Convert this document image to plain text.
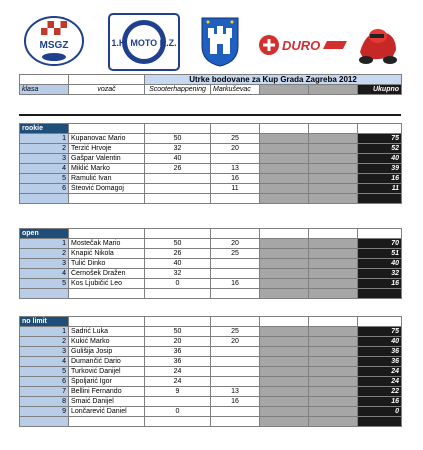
MSGZ	1.H. MOTO K.Z.	DURO
		Utrke bodovane za Kup Grada Zagreba 2012				
klasa	vozač	Scooterhappening	Markuševac			Ukupno
rookie						
1	Kupanovac Mario	50	25			75
2	Terzić Hrvoje	32	20			52
3	Gašpar Valentin	40				40
4	Miklić Marko	26	13			39
5	Ramulić Ivan		16			16
6	Šteović Domagoj		11			11

open						
1	Mostečak Mario	50	20			70
2	Knapić Nikola	26	25			51
3	Tulić Dinko	40				40
4	Černošek Dražen	32				32
5	Kos Ljubičić Leo	0	16			16

no limit						
1	Sadrić Luka	50	25			75
2	Kukić Marko	20	20			40
3	Gulišija Josip	36				36
4	Dumančić Dario	36				36
5	Turković Danijel	24				24
6	Špoljarić Igor	24				24
7	Bellini Fernando	9	13			22
8	Smaić Danijel		16			16
9	Lončarević Daniel	0				0
